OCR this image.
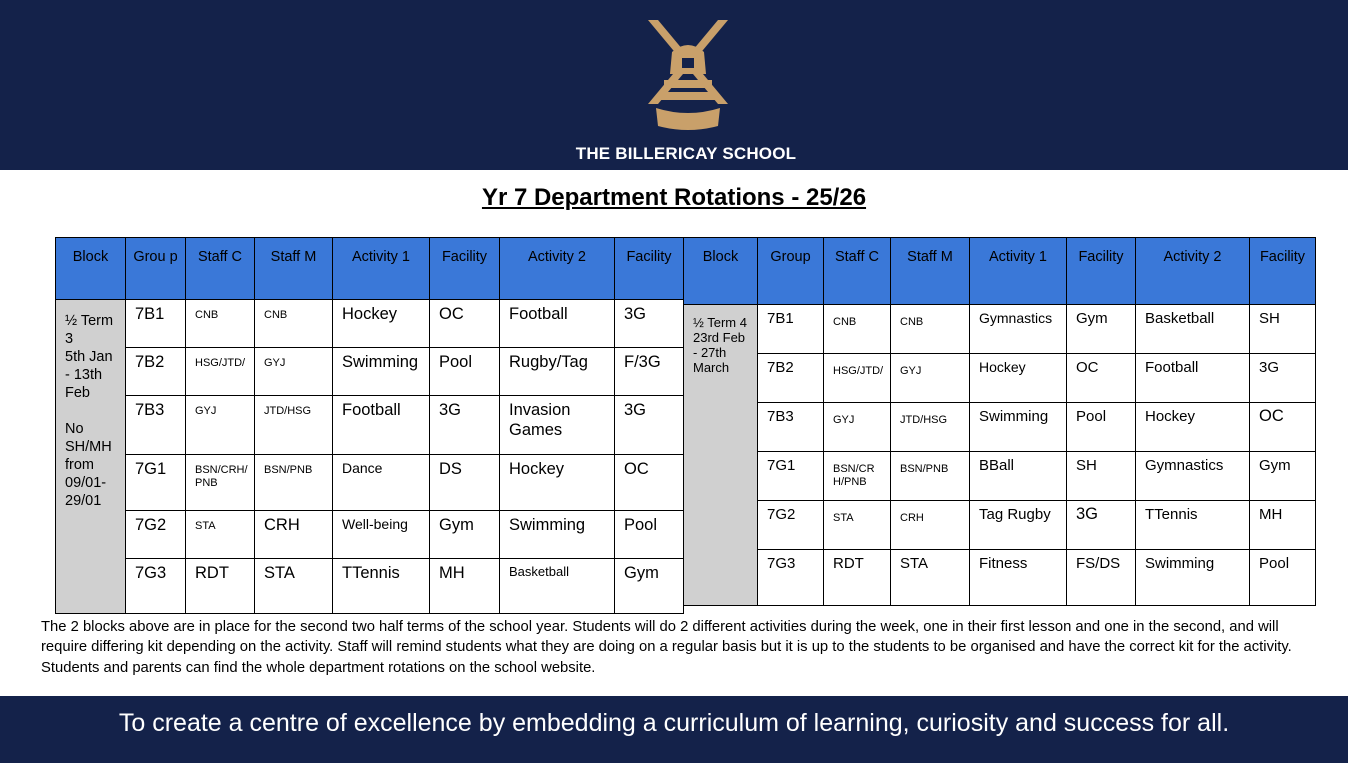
THE BILLERICAY SCHOOL
Yr 7 Department Rotations - 25/26
Block	Grou p	Staff C	Staff M	Activity 1	Facility	Activity 2	Facility
½ Term 3
5th Jan - 13th Feb

No SH/MH from 09/01-29/01	7B1	CNB	CNB	Hockey	OC	Football	3G
	7B2	HSG/JTD/	GYJ	Swimming	Pool	Rugby/Tag	F/3G
	7B3	GYJ	JTD/HSG	Football	3G	Invasion Games	3G
	7G1	BSN/CRH/PNB	BSN/PNB	Dance	DS	Hockey	OC
	7G2	STA	CRH	Well-being	Gym	Swimming	Pool
	7G3	RDT	STA	TTennis	MH	Basketball	Gym
Block	Group	Staff C	Staff M	Activity 1	Facility	Activity 2	Facility
½ Term 4
23rd Feb - 27th March	7B1	CNB	CNB	Gymnastics	Gym	Basketball	SH
	7B2	HSG/JTD/	GYJ	Hockey	OC	Football	3G
	7B3	GYJ	JTD/HSG	Swimming	Pool	Hockey	OC
	7G1	BSN/CRH/PNB	BSN/PNB	BBall	SH	Gymnastics	Gym
	7G2	STA	CRH	Tag Rugby	3G	TTennis	MH
	7G3	RDT	STA	Fitness	FS/DS	Swimming	Pool
The 2 blocks above are in place for the second two half terms of the school year. Students will do 2 different activities during the week, one in their first lesson and one in the second, and will require differing kit depending on the activity. Staff will remind students what they are doing on a regular basis but it is up to the students to be organised and have the correct kit for the activity. Students and parents can find the whole department rotations on the school website.
To create a centre of excellence by embedding a curriculum of learning, curiosity and success for all.
